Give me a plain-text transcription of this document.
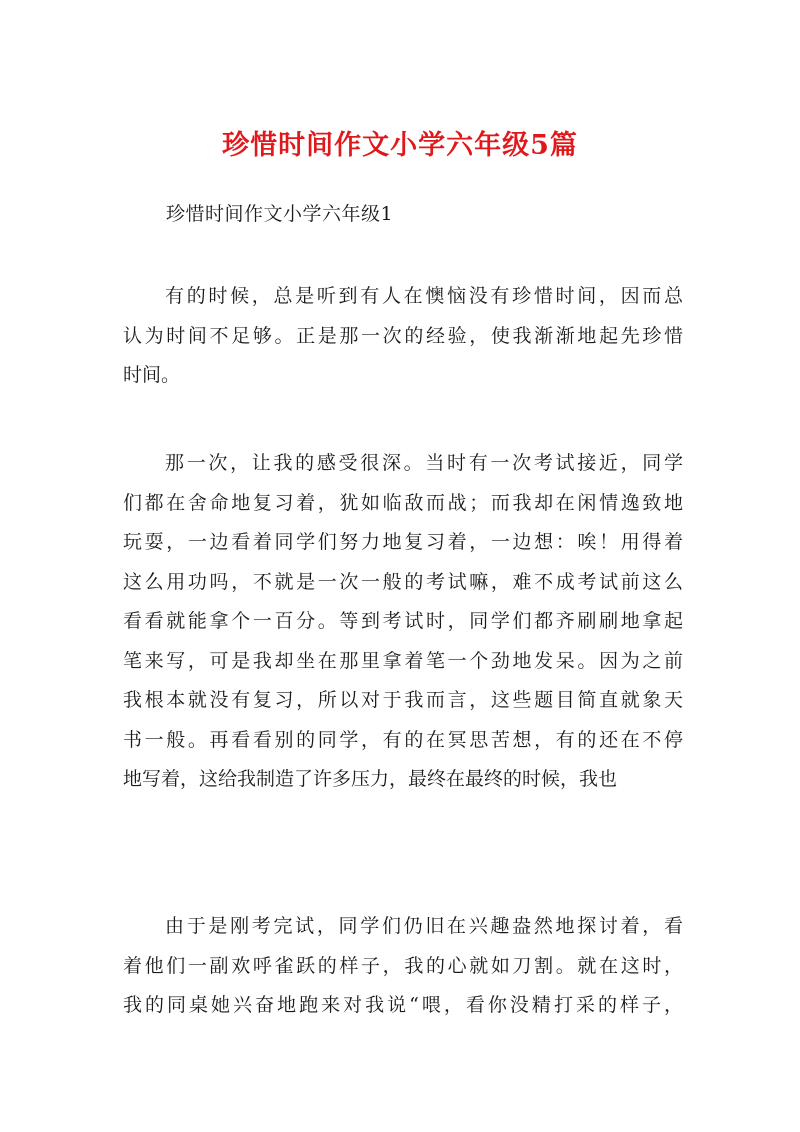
珍惜时间作文小学六年级5篇
珍惜时间作文小学六年级1
有的时候，总是听到有人在懊恼没有珍惜时间，因而总
认为时间不足够。正是那一次的经验，使我渐渐地起先珍惜
时间。
那一次，让我的感受很深。当时有一次考试接近，同学
们都在舍命地复习着，犹如临敌而战；而我却在闲情逸致地
玩耍，一边看着同学们努力地复习着，一边想：唉！用得着
这么用功吗，不就是一次一般的考试嘛，难不成考试前这么
看看就能拿个一百分。等到考试时，同学们都齐刷刷地拿起
笔来写，可是我却坐在那里拿着笔一个劲地发呆。因为之前
我根本就没有复习，所以对于我而言，这些题目简直就象天
书一般。再看看别的同学，有的在冥思苦想，有的还在不停
地写着，这给我制造了许多压力，最终在最终的时候，我也
由于是刚考完试，同学们仍旧在兴趣盎然地探讨着，看
着他们一副欢呼雀跃的样子，我的心就如刀割。就在这时，
我的同桌她兴奋地跑来对我说“喂，看你没精打采的样子，
